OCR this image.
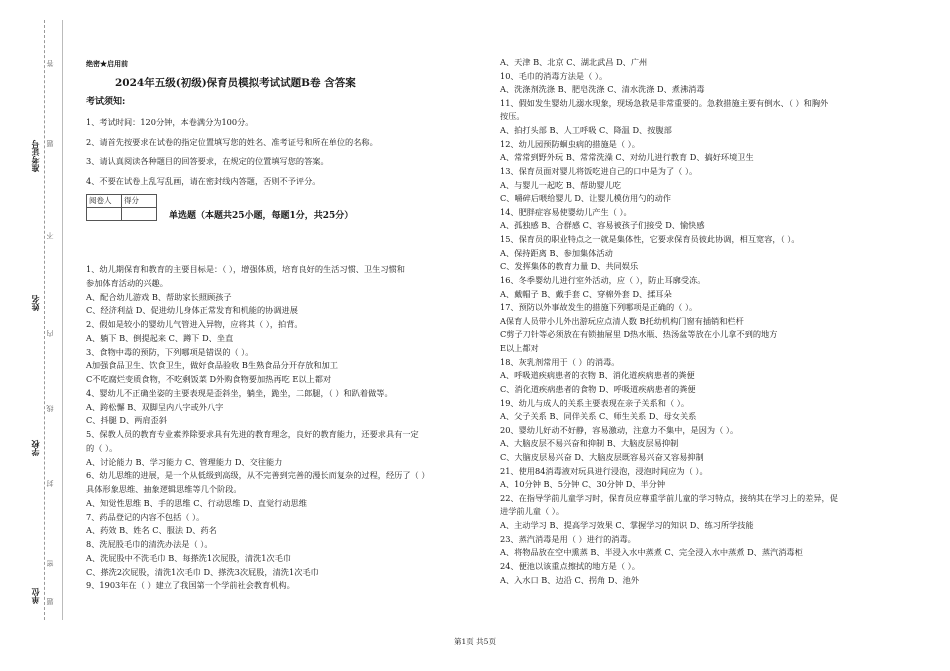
准考证号
姓名
学校
单位
答
题
不
内
线
封
密
题
绝密★启用前
2024年五级(初级)保育员模拟考试试题B卷 含答案
考试须知:
1、考试时间：120分钟，本卷满分为100分。
2、请首先按要求在试卷的指定位置填写您的姓名、准考证号和所在单位的名称。
3、请认真阅读各种题目的回答要求，在规定的位置填写您的答案。
4、不要在试卷上乱写乱画，请在密封线内答题，否则不予评分。
阅卷人	得分

单选题（本题共25小题，每题1分，共25分）
1、幼儿期保育和教育的主要目标是：（ ），增强体质，培育良好的生活习惯、卫生习惯和
参加体育活动的兴趣。
A、配合幼儿游戏 B、帮助家长照顾孩子
C、经济利益 D、促进幼儿身体正常发育和机能的协调进展
2、假如是较小的婴幼儿气管进入异物，应将其（ ），拍背。
A、躺下 B、倒提起来 C、蹲下 D、坐直
3、食物中毒的预防，下列哪项是错误的（ ）。
A加强食品卫生、饮食卫生，做好食品验收 B生熟食品分开存放和加工
C不吃腐烂变质食物，不吃剩饭菜 D外购食物要加热再吃 E以上都对
4、婴幼儿不正确坐姿的主要表现是歪斜坐，躺坐，跪坐，二郎腿，（ ）和趴着做等。
A、跨松懈 B、双脚呈内八字或外八字
C、抖腿 D、两肩歪斜
5、保教人员的教育专业素养除要求具有先进的教育理念，良好的教育能力，还要求具有一定
的（ ）。
A、讨论能力 B、学习能力 C、管理能力 D、交往能力
6、幼儿思维的进展，是一个从低级到高级，从不完善到完善的漫长而复杂的过程，经历了（ ）
具体形象思维、抽象逻辑思维等几个阶段。
A、知觉性思维 B、手的思维 C、行动思维 D、直觉行动思维
7、药品登记的内容不包括（ ）。
A、药效 B、姓名 C、服法 D、药名
8、洗屁股毛巾的清洗办法是（ ）。
A、洗屁股中不洗毛巾 B、每搽洗1次屁股，清洗1次毛巾
C、搽洗2次屁股，清洗1次毛巾 D、搽洗3次屁股，清洗1次毛巾
9、1903年在（ ）建立了我国第一个学前社会教育机构。
A、天津 B、北京 C、湖北武昌 D、广州
10、毛巾的消毒方法是（ ）。
A、洗涤剂洗涤 B、肥皂洗涤 C、清水洗涤 D、煮沸消毒
11、假如发生婴幼儿溺水现象，现场急救是非常重要的。急救措施主要有倒水、（ ）和胸外
按压。
A、拍打头部 B、人工呼吸 C、降温 D、按腹部
12、幼儿园预防蛔虫病的措施是（ ）。
A、常常到野外玩 B、常常洗澡 C、对幼儿进行教育 D、搞好环境卫生
13、保育员面对婴儿将饭吃进自己的口中是为了（ ）。
A、与婴儿一起吃 B、帮助婴儿吃
C、嚼碎后喂给婴儿 D、让婴儿模仿用勺的动作
14、肥胖症容易使婴幼儿产生（ ）。
A、孤独感 B、合群感 C、容易被孩子们接受 D、愉快感
15、保育员的职业特点之一就是集体性，它要求保育员彼此协调，相互宽容，（ ）。
A、保持距离 B、参加集体活动
C、发挥集体的教育力量 D、共同娱乐
16、冬季婴幼儿进行室外活动，应（ ），防止耳廓受冻。
A、戴帽子 B、戴手套 C、穿棉外套 D、揉耳朵
17、预防以外事故发生的措施下列哪项是正确的（ ）。
A保育人员带小儿外出游玩应点清人数 B托幼机构门窗有插销和栏杆
C剪子刀针等必须放在有锁抽屉里 D热水瓶、热汤盆等放在小儿拿不到的地方
E以上都对
18、灰乳剂常用于（ ）的消毒。
A、呼吸道疾病患者的衣物 B、消化道疾病患者的粪便
C、消化道疾病患者的食物 D、呼吸道疾病患者的粪便
19、幼儿与成人的关系主要表现在亲子关系和（ ）。
A、父子关系 B、同伴关系 C、师生关系 D、母女关系
20、婴幼儿好动不好静，容易激动，注意力不集中，是因为（ ）。
A、大脑皮层不易兴奋和抑制 B、大脑皮层易抑制
C、大脑皮层易兴奋 D、大脑皮层既容易兴奋又容易抑制
21、使用84消毒液对玩具进行浸泡，浸泡时间应为（ ）。
A、10分钟 B、5分钟 C、30分钟 D、半分钟
22、在指导学前儿童学习时，保育员应尊重学前儿童的学习特点，接纳其在学习上的差异，促
进学前儿童（ ）。
A、主动学习 B、提高学习效果 C、掌握学习的知识 D、练习所学技能
23、蒸汽消毒是用（ ）进行的消毒。
A、将物品放在空中熏蒸 B、半浸入水中蒸煮 C、完全浸入水中蒸煮 D、蒸汽消毒柜
24、便池以该重点擦拭的地方是（ ）。
A、入水口 B、边沿 C、拐角 D、池外
第1页 共5页
